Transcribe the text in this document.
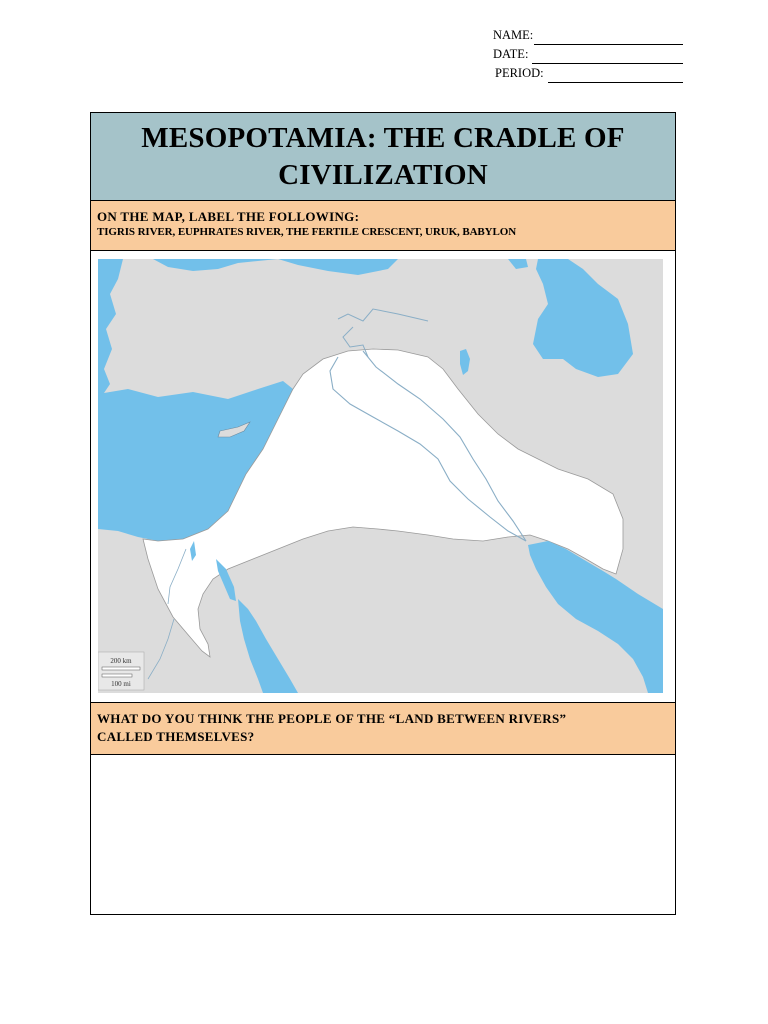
NAME:
DATE:
PERIOD:
MESOPOTAMIA: THE CRADLE OF
CIVILIZATION
ON THE MAP, LABEL THE FOLLOWING:
TIGRIS RIVER, EUPHRATES RIVER, THE FERTILE CRESCENT, URUK, BABYLON
200 km
100 mi
WHAT DO YOU THINK THE PEOPLE OF THE “LAND BETWEEN RIVERS”
CALLED THEMSELVES?
